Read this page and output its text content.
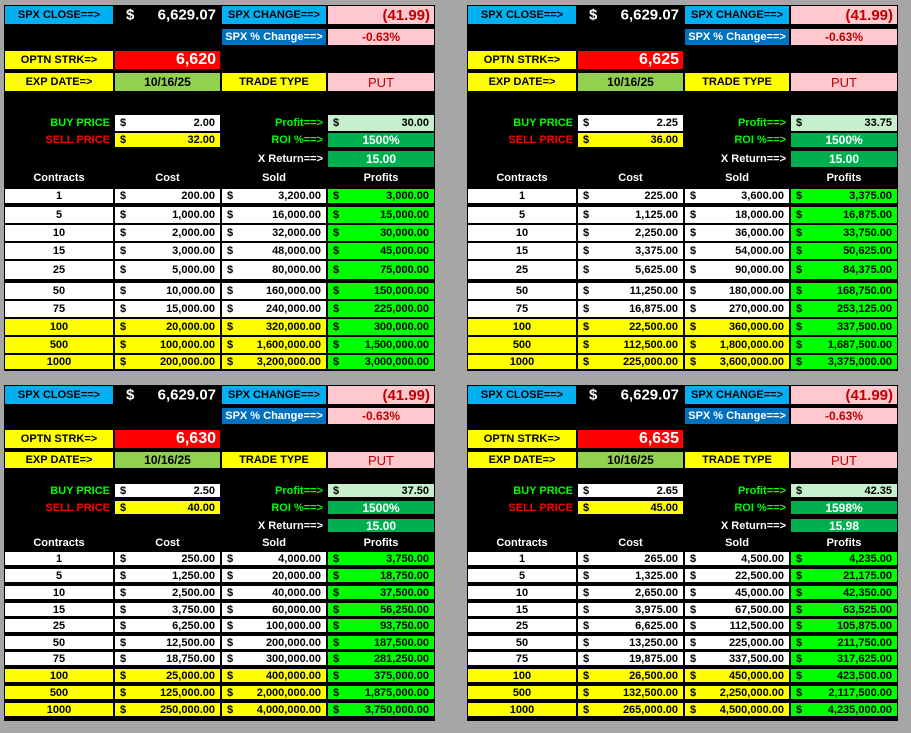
SPX CLOSE==>	$ 6,629.07	SPX CHANGE==>	(41.99)
SPX % Change==>	-0.63%
OPTN STRK=>	6,620
EXP DATE=>	10/16/25	TRADE TYPE	PUT
BUY PRICE $	2.00	Profit==> $	30.00
SELL PRICE $	32.00	ROI %==>	1500%
X Return==>	15.00
Contracts	Cost	Sold	Profits
1	$	200.00 $	3,200.00 $	3,000.00
5	$	1,000.00 $	16,000.00 $	15,000.00
10	$	2,000.00 $	32,000.00 $	30,000.00
15	$	3,000.00 $	48,000.00 $	45,000.00
25	$	5,000.00 $	80,000.00 $	75,000.00
50	$	10,000.00 $	160,000.00 $	150,000.00
75	$	15,000.00 $	240,000.00 $	225,000.00
100	$	20,000.00 $	320,000.00 $	300,000.00
500	$	100,000.00 $ 1,600,000.00 $ 1,500,000.00
1000	$	200,000.00 $ 3,200,000.00 $ 3,000,000.00
SPX CLOSE==>	$ 6,629.07	SPX CHANGE==>	(41.99)
SPX % Change==>	-0.63%
OPTN STRK=>	6,625
EXP DATE=>	10/16/25	TRADE TYPE	PUT
BUY PRICE $	2.25	Profit==> $	33.75
SELL PRICE $	36.00	ROI %==>	1500%
X Return==>	15.00
Contracts	Cost	Sold	Profits
1	$	225.00 $	3,600.00 $	3,375.00
5	$	1,125.00 $	18,000.00 $	16,875.00
10	$	2,250.00 $	36,000.00 $	33,750.00
15	$	3,375.00 $	54,000.00 $	50,625.00
25	$	5,625.00 $	90,000.00 $	84,375.00
50	$	11,250.00 $	180,000.00 $	168,750.00
75	$	16,875.00 $	270,000.00 $	253,125.00
100	$	22,500.00 $	360,000.00 $	337,500.00
500	$	112,500.00 $ 1,800,000.00 $ 1,687,500.00
1000	$	225,000.00 $ 3,600,000.00 $ 3,375,000.00
SPX CLOSE==>	$ 6,629.07	SPX CHANGE==>	(41.99)
SPX % Change==>	-0.63%
OPTN STRK=>	6,630
EXP DATE=>	10/16/25	TRADE TYPE	PUT
BUY PRICE $	2.50	Profit==> $	37.50
SELL PRICE $	40.00	ROI %==>	1500%
X Return==>	15.00
Contracts	Cost	Sold	Profits
1	$	250.00 $	4,000.00 $	3,750.00
5	$	1,250.00 $	20,000.00 $	18,750.00
10	$	2,500.00 $	40,000.00 $	37,500.00
15	$	3,750.00 $	60,000.00 $	56,250.00
25	$	6,250.00 $	100,000.00 $	93,750.00
50	$	12,500.00 $	200,000.00 $	187,500.00
75	$	18,750.00 $	300,000.00 $	281,250.00
100	$	25,000.00 $	400,000.00 $	375,000.00
500	$	125,000.00 $ 2,000,000.00 $ 1,875,000.00
1000	$	250,000.00 $ 4,000,000.00 $ 3,750,000.00
SPX CLOSE==>	$ 6,629.07	SPX CHANGE==>	(41.99)
SPX % Change==>	-0.63%
OPTN STRK=>	6,635
EXP DATE=>	10/16/25	TRADE TYPE	PUT
BUY PRICE $	2.65	Profit==> $	42.35
SELL PRICE $	45.00	ROI %==>	1598%
X Return==>	15.98
Contracts	Cost	Sold	Profits
1	$	265.00 $	4,500.00 $	4,235.00
5	$	1,325.00 $	22,500.00 $	21,175.00
10	$	2,650.00 $	45,000.00 $	42,350.00
15	$	3,975.00 $	67,500.00 $	63,525.00
25	$	6,625.00 $	112,500.00 $	105,875.00
50	$	13,250.00 $	225,000.00 $	211,750.00
75	$	19,875.00 $	337,500.00 $	317,625.00
100	$	26,500.00 $	450,000.00 $	423,500.00
500	$	132,500.00 $ 2,250,000.00 $ 2,117,500.00
1000	$	265,000.00 $ 4,500,000.00 $ 4,235,000.00
